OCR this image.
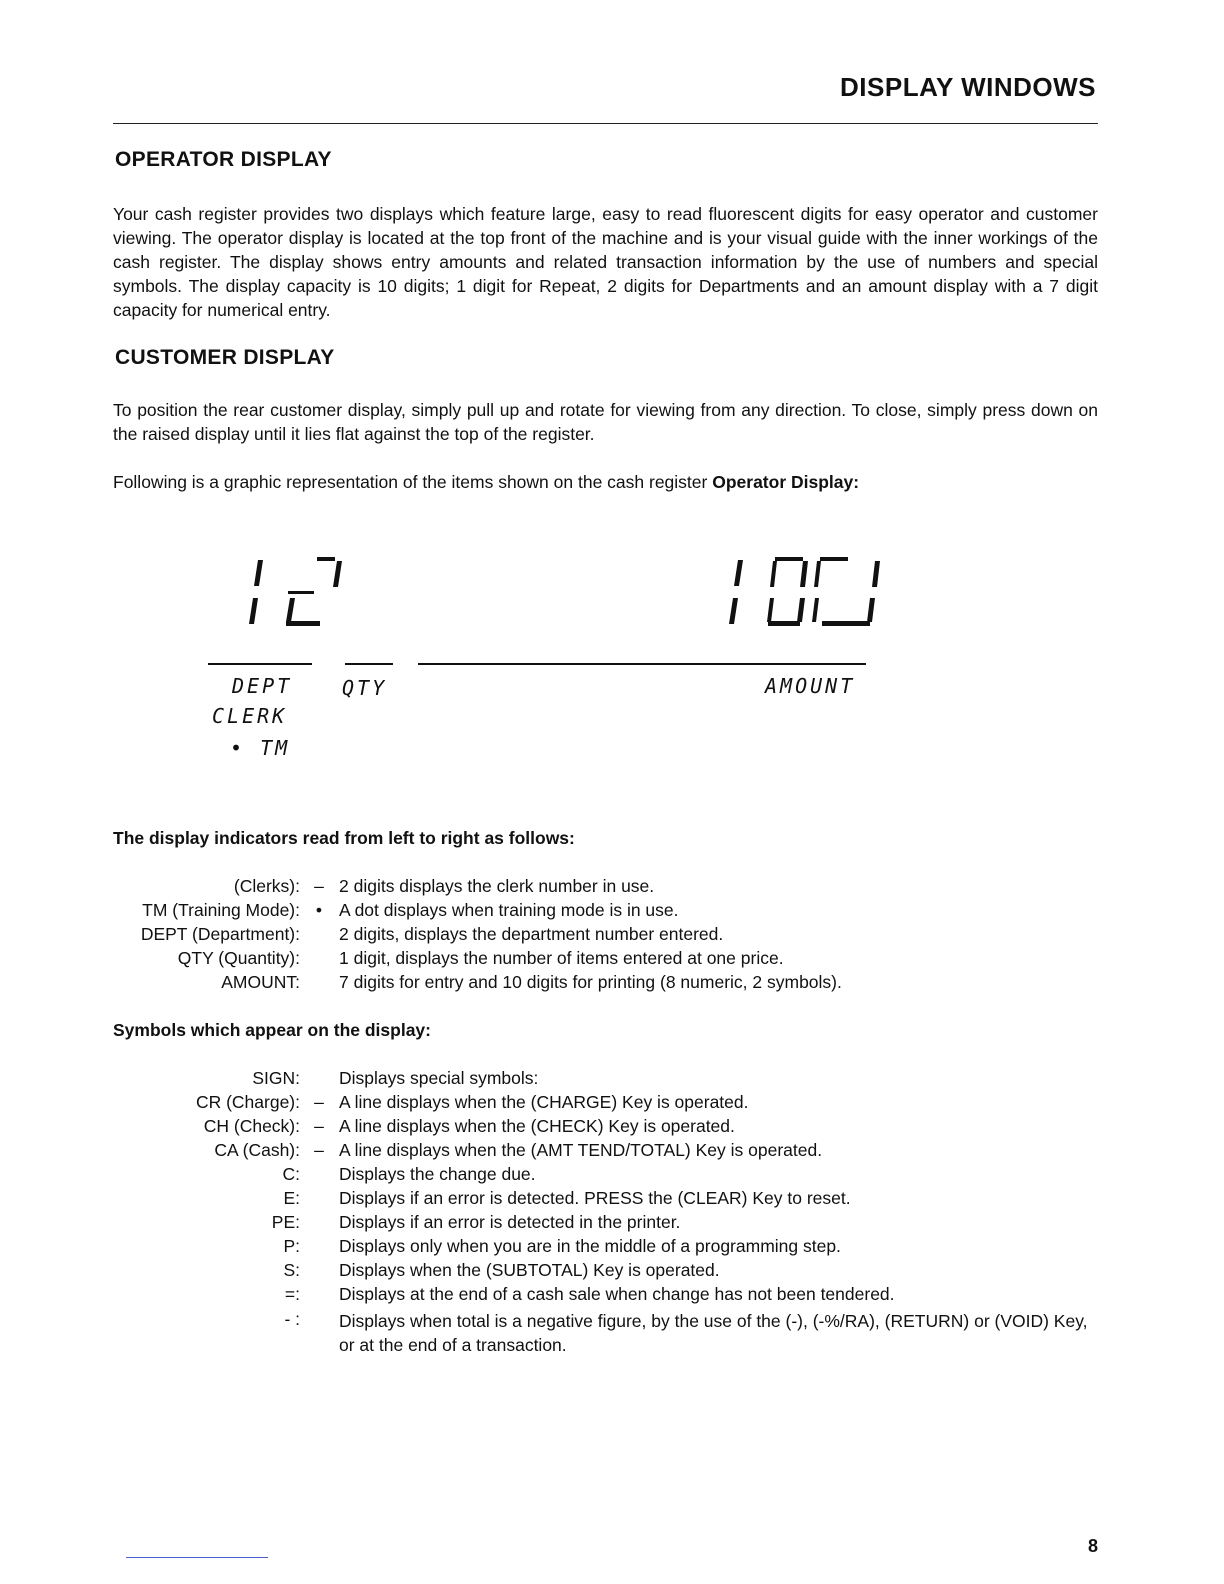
DISPLAY WINDOWS
OPERATOR DISPLAY
Your cash register provides two displays which feature large, easy to read fluorescent digits for easy operator and customer viewing. The operator display is located at the top front of the machine and is your visual guide with the inner workings of the cash register. The display shows entry amounts and related transaction information by the use of numbers and special symbols. The display capacity is 10 digits; 1 digit for Repeat, 2 digits for Departments and an amount display with a 7 digit capacity for numerical entry.
CUSTOMER DISPLAY
To position the rear customer display, simply pull up and rotate for viewing from any direction. To close, simply press down on the raised display until it lies flat against the top of the register.
Following is a graphic representation of the items shown on the cash register Operator Display:
DEPT QTY	AMOUNT
CLERK
• TM
The display indicators read from left to right as follows:
(Clerks): – 2 digits displays the clerk number in use.
TM (Training Mode): • A dot displays when training mode is in use.
DEPT (Department): 2 digits, displays the department number entered.
QTY (Quantity): 1 digit, displays the number of items entered at one price.
AMOUNT: 7 digits for entry and 10 digits for printing (8 numeric, 2 symbols).
Symbols which appear on the display:
SIGN: Displays special symbols:
CR (Charge): – A line displays when the (CHARGE) Key is operated.
CH (Check): – A line displays when the (CHECK) Key is operated.
CA (Cash): – A line displays when the (AMT TEND/TOTAL) Key is operated.
C: Displays the change due.
E: Displays if an error is detected. PRESS the (CLEAR) Key to reset.
PE: Displays if an error is detected in the printer.
P: Displays only when you are in the middle of a programming step.
S: Displays when the (SUBTOTAL) Key is operated.
=: Displays at the end of a cash sale when change has not been tendered.
- : Displays when total is a negative figure, by the use of the (-), (-%/RA), (RETURN) or (VOID) Key, or at the end of a transaction.
8
